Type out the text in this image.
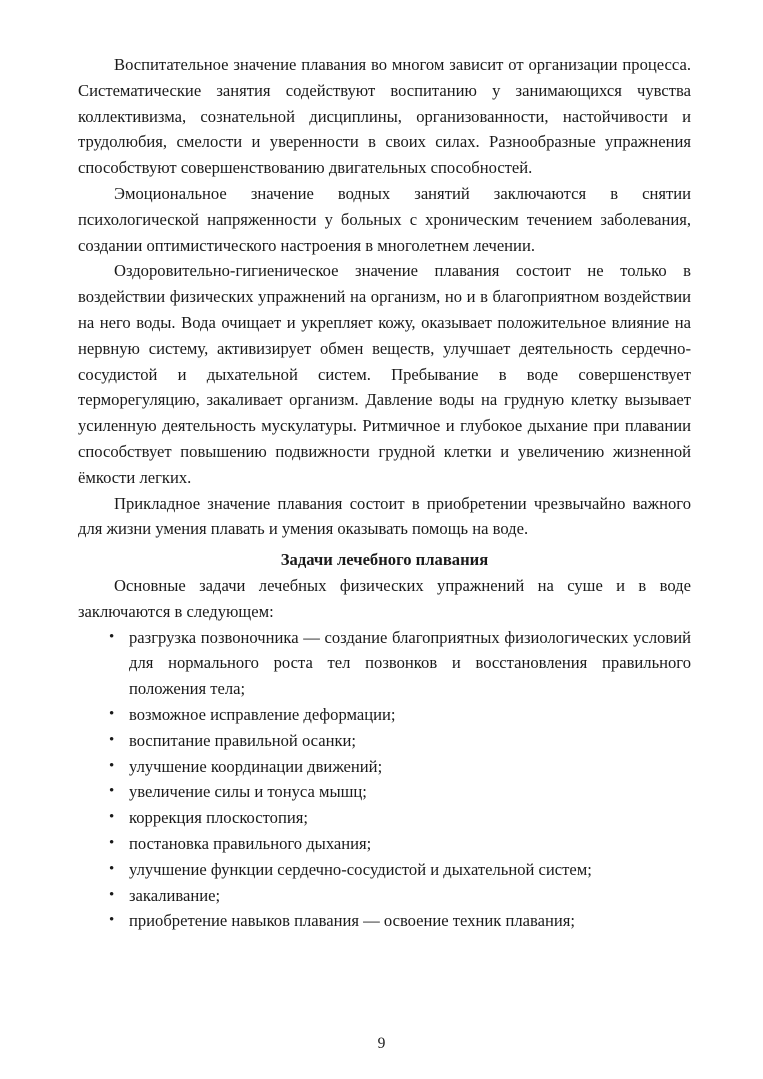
Воспитательное значение плавания во многом зависит от организации процесса. Систематические занятия содействуют воспитанию у занимающихся чувства коллективизма, сознательной дисциплины, организованности, настойчивости и трудолюбия, смелости и уверенности в своих силах. Разнообразные упражнения способствуют совершенствованию двигательных способностей.

Эмоциональное значение водных занятий заключаются в снятии психологической напряженности у больных с хроническим течением заболевания, создании оптимистического настроения в многолетнем лечении.

Оздоровительно-гигиеническое значение плавания состоит не только в воздействии физических упражнений на организм, но и в благоприятном воздействии на него воды. Вода очищает и укрепляет кожу, оказывает положительное влияние на нервную систему, активизирует обмен веществ, улучшает деятельность сердечно-сосудистой и дыхательной систем. Пребывание в воде совершенствует терморегуляцию, закаливает организм. Давление воды на грудную клетку вызывает усиленную деятельность мускулатуры. Ритмичное и глубокое дыхание при плавании способствует повышению подвижности грудной клетки и увеличению жизненной ёмкости легких.

Прикладное значение плавания состоит в приобретении чрезвычайно важного для жизни умения плавать и умения оказывать помощь на воде.

Задачи лечебного плавания

Основные задачи лечебных физических упражнений на суше и в воде заключаются в следующем:

• разгрузка позвоночника — создание благоприятных физиологических условий для нормального роста тел позвонков и восстановления правильного положения тела;
• возможное исправление деформации;
• воспитание правильной осанки;
• улучшение координации движений;
• увеличение силы и тонуса мышц;
• коррекция плоскостопия;
• постановка правильного дыхания;
• улучшение функции сердечно-сосудистой и дыхательной систем;
• закаливание;
• приобретение навыков плавания — освоение техник плавания;
9
